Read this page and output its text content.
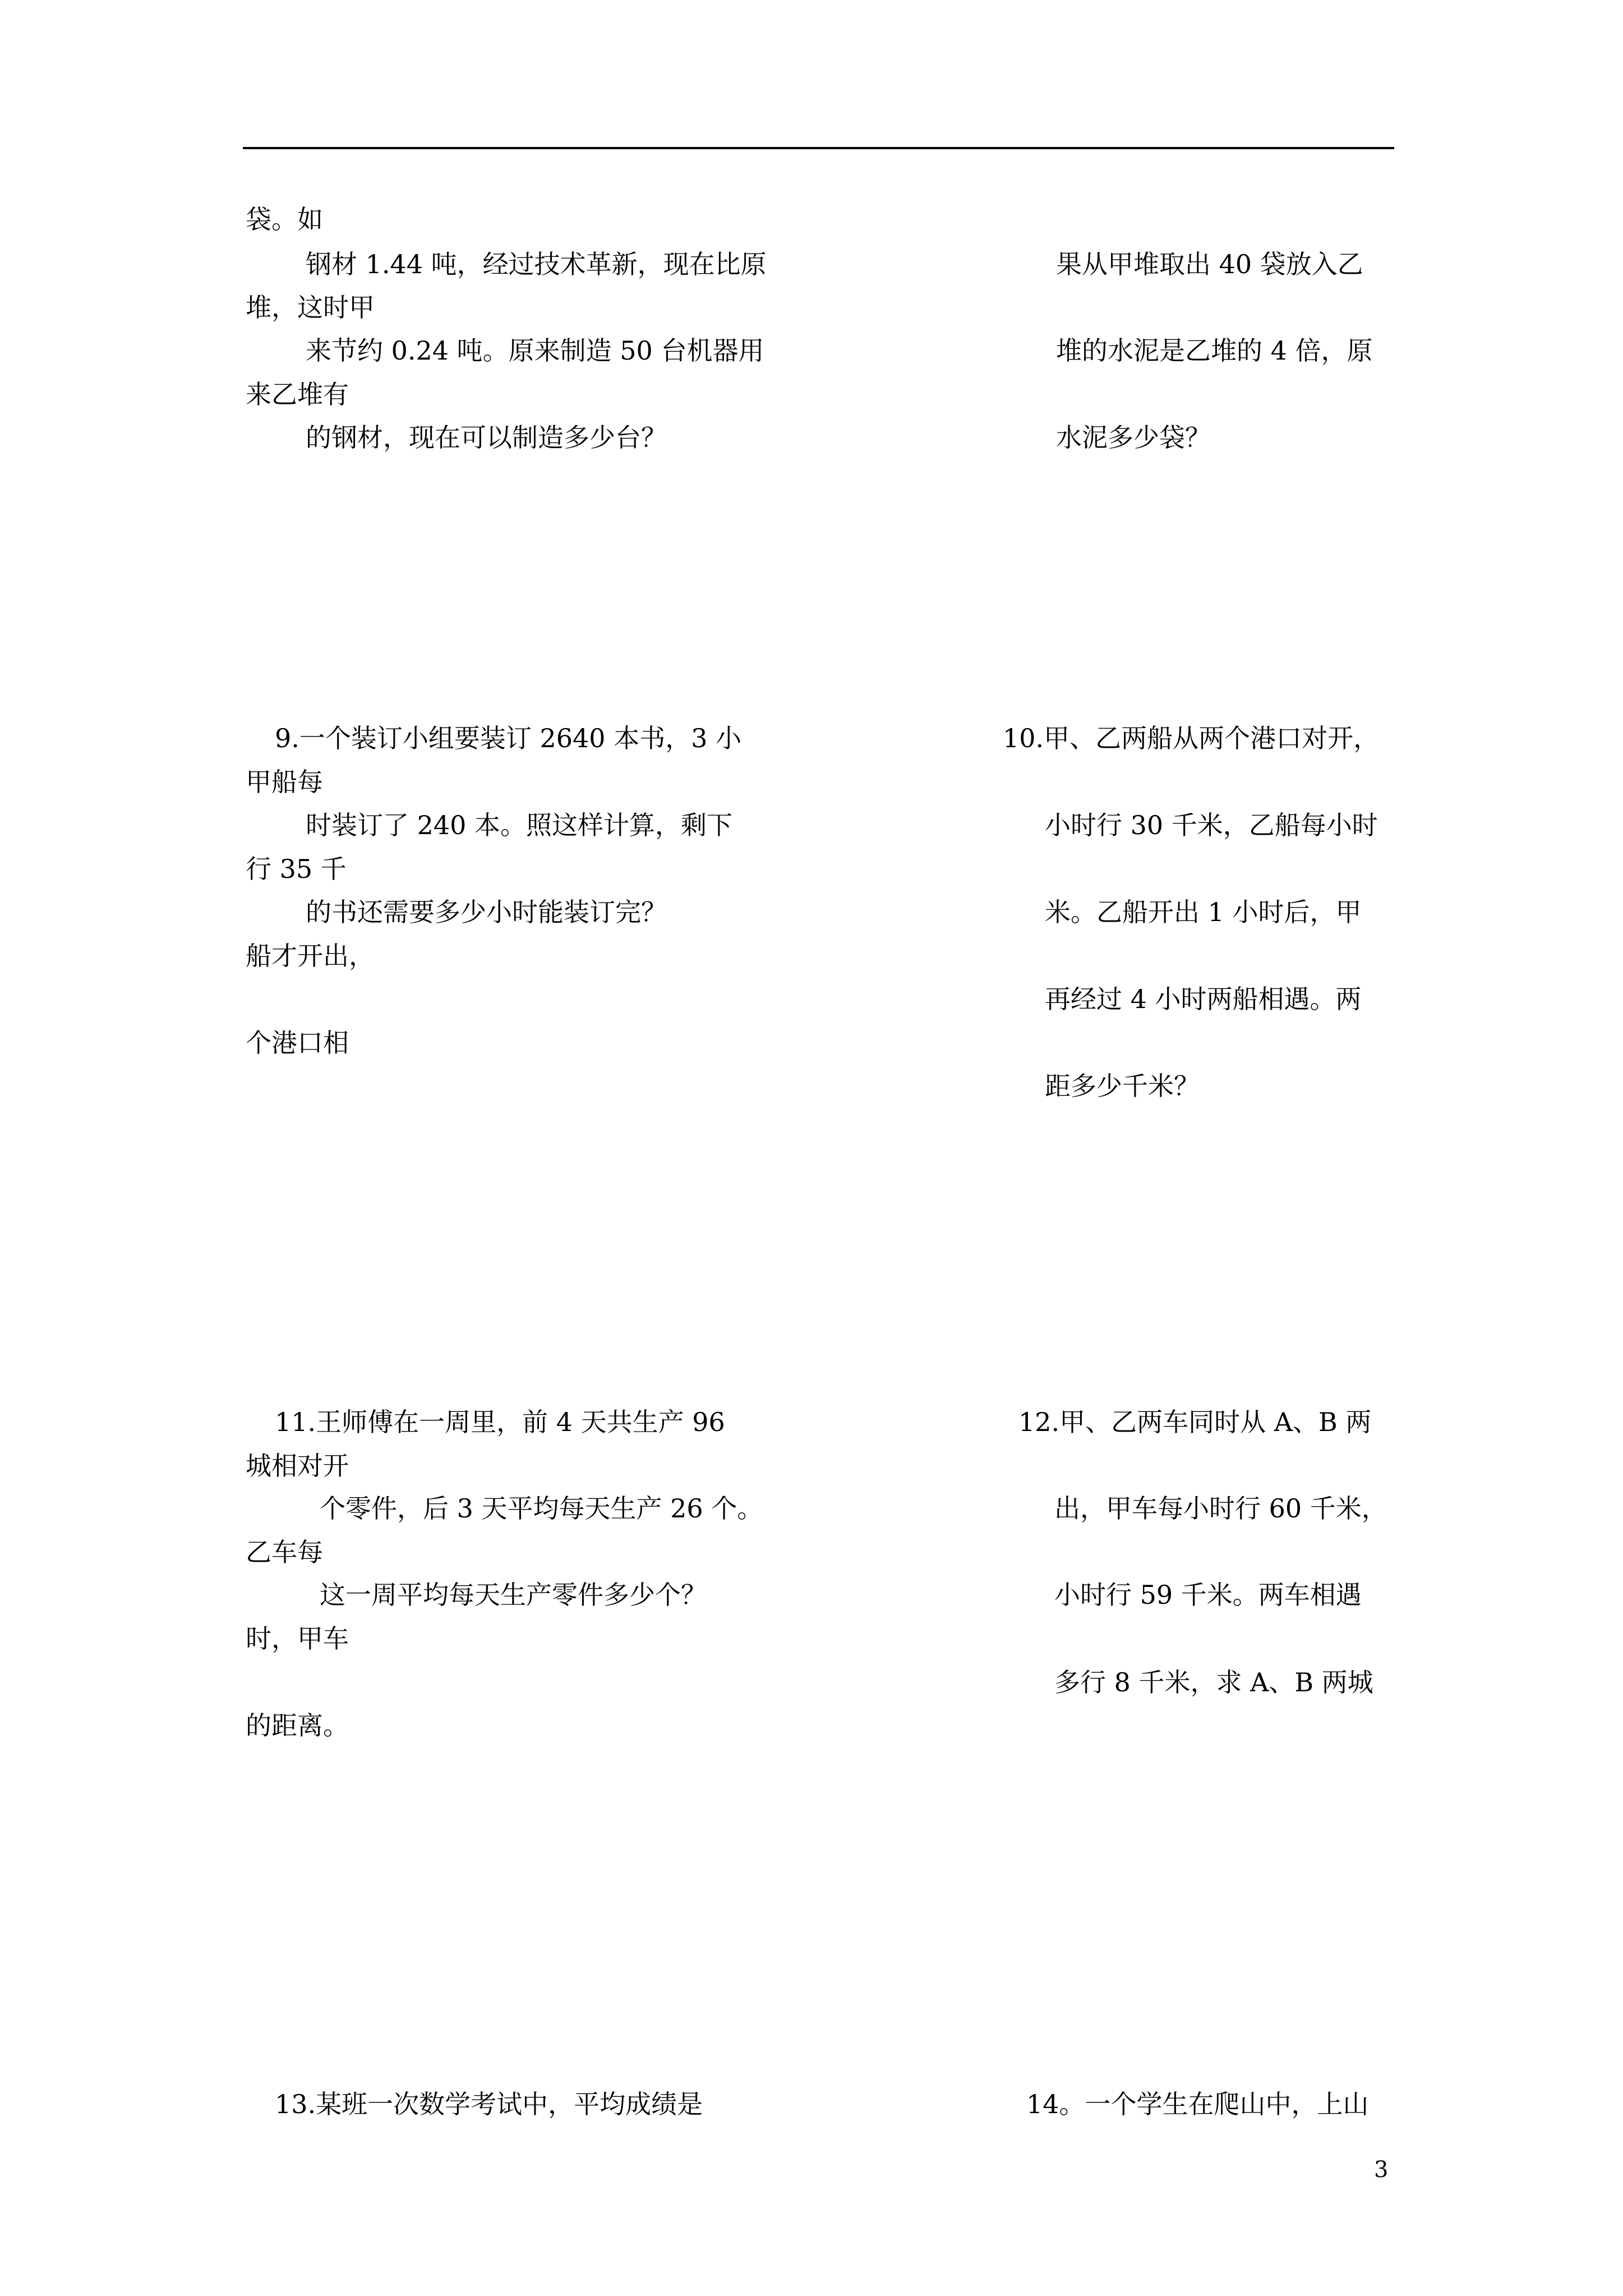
袋。如
钢材 1.44 吨，经过技术革新，现在比原	果从甲堆取出 40 袋放入乙
堆，这时甲
来节约 0.24 吨。原来制造 50 台机器用	堆的水泥是乙堆的 4 倍，原
来乙堆有
的钢材，现在可以制造多少台？	水泥多少袋？
9.一个装订小组要装订 2640 本书，3 小	10.甲、乙两船从两个港口对开，
甲船每
时装订了 240 本。照这样计算，剩下	小时行 30 千米，乙船每小时
行 35 千
的书还需要多少小时能装订完？	米。乙船开出 1 小时后，甲
船才开出，
再经过 4 小时两船相遇。两
个港口相
距多少千米？
11.王师傅在一周里，前 4 天共生产 96	12.甲、乙两车同时从 A、B 两
城相对开
个零件，后 3 天平均每天生产 26 个。	出，甲车每小时行 60 千米，
乙车每
这一周平均每天生产零件多少个？	小时行 59 千米。两车相遇
时，甲车
多行 8 千米，求 A、B 两城
的距离。
13.某班一次数学考试中，平均成绩是	14。一个学生在爬山中，上山
3
